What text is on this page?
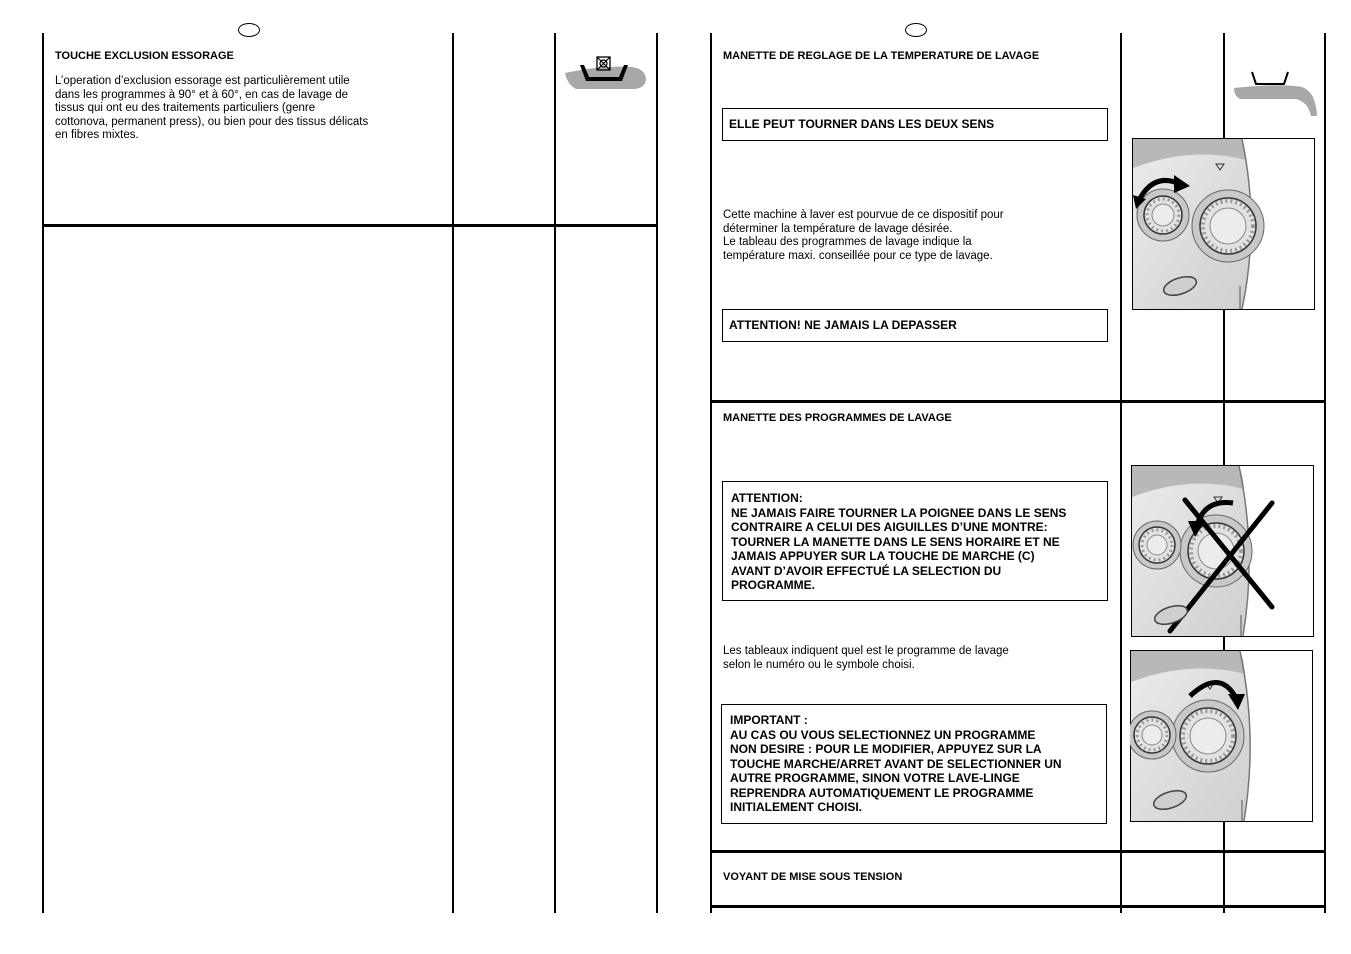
TOUCHE EXCLUSION ESSORAGE
L’operation d’exclusion essorage est particulièrement utile
dans les programmes à 90° et à 60°, en cas de lavage de
tissus qui ont eu des traitements particuliers (genre
cottonova, permanent press), ou bien pour des tissus délicats
en fibres mixtes.
MANETTE DE REGLAGE DE LA TEMPERATURE DE LAVAGE
ELLE PEUT TOURNER DANS LES DEUX SENS
Cette machine à laver est pourvue de ce dispositif pour
déterminer la température de lavage désirée.
Le tableau des programmes de lavage indique la
température maxi. conseillée pour ce type de lavage.
ATTENTION! NE JAMAIS LA DEPASSER
MANETTE DES PROGRAMMES DE LAVAGE
ATTENTION:
NE JAMAIS FAIRE TOURNER LA POIGNEE DANS LE SENS
CONTRAIRE A CELUI DES AIGUILLES D’UNE MONTRE:
TOURNER LA MANETTE DANS LE SENS HORAIRE ET NE
JAMAIS APPUYER SUR LA TOUCHE DE MARCHE (C)
AVANT D’AVOIR EFFECTUÉ LA SELECTION DU
PROGRAMME.
Les tableaux indiquent quel est le programme de lavage
selon le numéro ou le symbole choisi.
IMPORTANT :
AU CAS OU VOUS SELECTIONNEZ UN PROGRAMME
NON DESIRE : POUR LE MODIFIER, APPUYEZ SUR LA
TOUCHE MARCHE/ARRET AVANT DE SELECTIONNER UN
AUTRE PROGRAMME, SINON VOTRE LAVE-LINGE
REPRENDRA AUTOMATIQUEMENT LE PROGRAMME
INITIALEMENT CHOISI.
VOYANT DE MISE SOUS TENSION
